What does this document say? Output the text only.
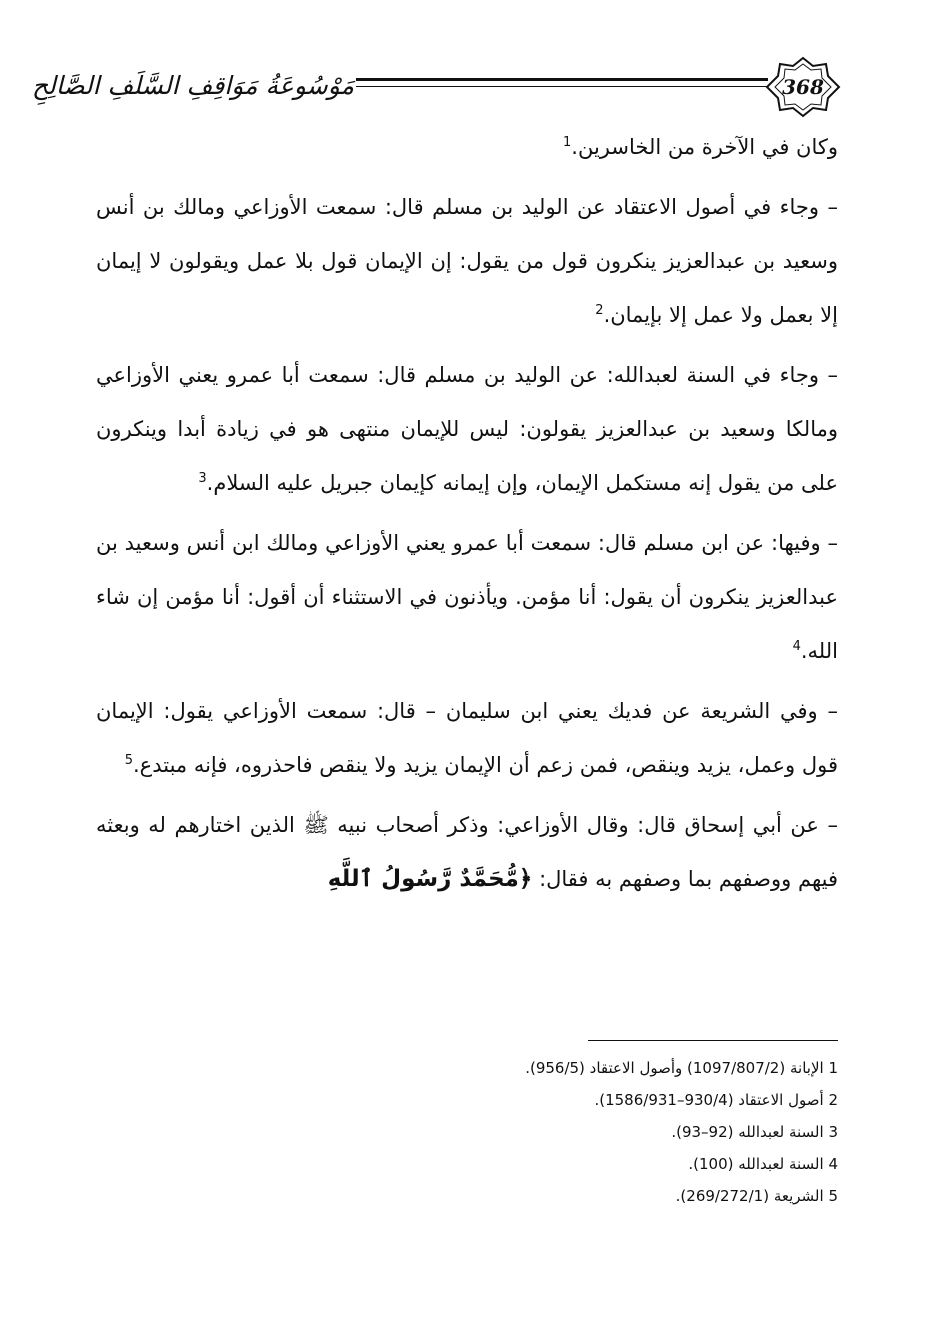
مَوْسُوعَةُ مَوَاقِفِ السَّلَفِ الصَّالِحِ	368

وكان في الآخرة من الخاسرين.$^1$

– وجاء في أصول الاعتقاد عن الوليد بن مسلم قال: سمعت الأوزاعي ومالك بن أنس وسعيد بن عبدالعزيز ينكرون قول من يقول: إن الإيمان قول بلا عمل ويقولون لا إيمان إلا بعمل ولا عمل إلا بإيمان.$^2$

– وجاء في السنة لعبدالله: عن الوليد بن مسلم قال: سمعت أبا عمرو يعني الأوزاعي ومالكا وسعيد بن عبدالعزيز يقولون: ليس للإيمان منتهى هو في زيادة أبدا وينكرون على من يقول إنه مستكمل الإيمان، وإن إيمانه كإيمان جبريل عليه السلام.$^3$

– وفيها: عن ابن مسلم قال: سمعت أبا عمرو يعني الأوزاعي ومالك ابن أنس وسعيد بن عبدالعزيز ينكرون أن يقول: أنا مؤمن. ويأذنون في الاستثناء أن أقول: أنا مؤمن إن شاء الله.$^4$

– وفي الشريعة عن فديك يعني ابن سليمان – قال: سمعت الأوزاعي يقول: الإيمان قول وعمل، يزيد وينقص، فمن زعم أن الإيمان يزيد ولا ينقص فاحذروه، فإنه مبتدع.$^5$

– عن أبي إسحاق قال: وقال الأوزاعي: وذكر أصحاب نبيه ﷺ الذين اختارهم له وبعثه فيهم ووصفهم بما وصفهم به فقال: ﴿مُّحَمَّدٌ رَّسُولُ ٱللَّهِ

1 الإبانة (1097/807/2) وأصول الاعتقاد (956/5).
2 أصول الاعتقاد (930/4–1586/931).
3 السنة لعبدالله (92–93).
4 السنة لعبدالله (100).
5 الشريعة (269/272/1).
